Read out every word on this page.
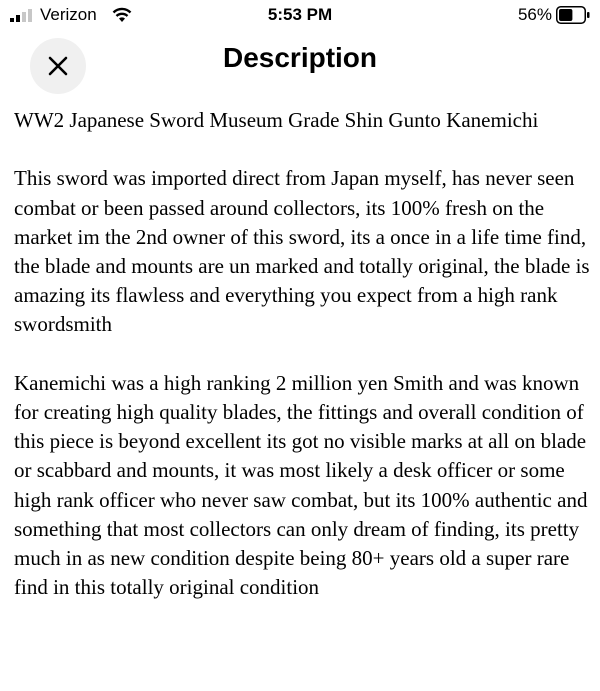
Verizon	5:53 PM	56%
Description

WW2 Japanese Sword Museum Grade Shin Gunto Kanemichi

This sword was imported direct from Japan myself, has never seen combat or been passed around collectors, its 100% fresh on the market im the 2nd owner of this sword, its a once in a life time find, the blade and mounts are un marked and totally original, the blade is amazing its flawless and everything you expect from a high rank swordsmith

Kanemichi was a high ranking 2 million yen Smith and was known for creating high quality blades, the fittings and overall condition of this piece is beyond excellent its got no visible marks at all on blade or scabbard and mounts, it was most likely a desk officer or some high rank officer who never saw combat, but its 100% authentic and something that most collectors can only dream of finding, its pretty much in as new condition despite being 80+ years old a super rare find in this totally original condition
